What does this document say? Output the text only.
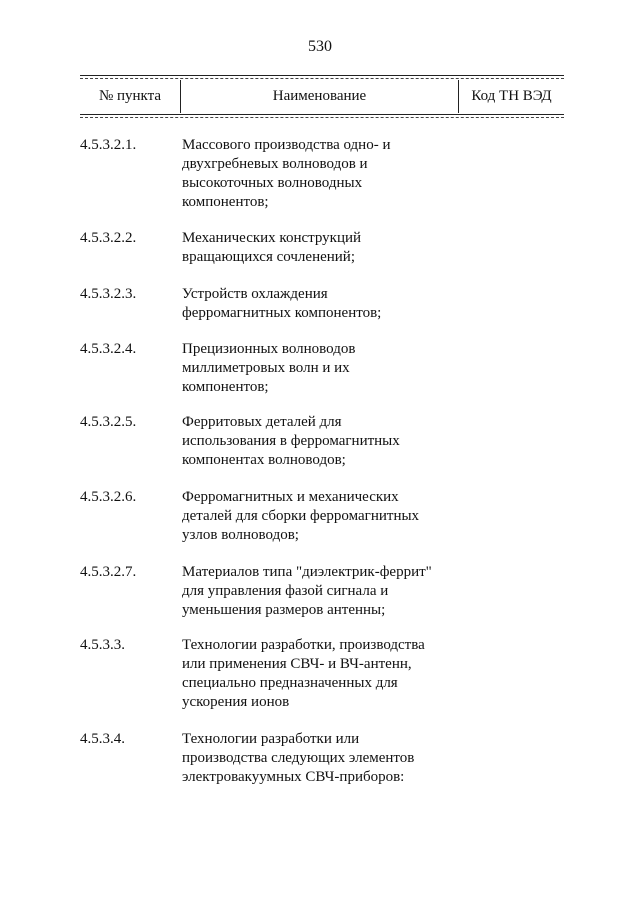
530
№ пункта	Наименование	Код ТН ВЭД
4.5.3.2.1.	Массового производства одно- и
двухгребневых волноводов и
высокоточных волноводных
компонентов;
4.5.3.2.2.	Механических конструкций
вращающихся сочленений;
4.5.3.2.3.	Устройств охлаждения
ферромагнитных компонентов;
4.5.3.2.4.	Прецизионных волноводов
миллиметровых волн и их
компонентов;
4.5.3.2.5.	Ферритовых деталей для
использования в ферромагнитных
компонентах волноводов;
4.5.3.2.6.	Ферромагнитных и механических
деталей для сборки ферромагнитных
узлов волноводов;
4.5.3.2.7.	Материалов типа "диэлектрик-феррит"
для управления фазой сигнала и
уменьшения размеров антенны;
4.5.3.3.	Технологии разработки, производства
или применения СВЧ- и ВЧ-антенн,
специально предназначенных для
ускорения ионов
4.5.3.4.	Технологии разработки или
производства следующих элементов
электровакуумных СВЧ-приборов:
